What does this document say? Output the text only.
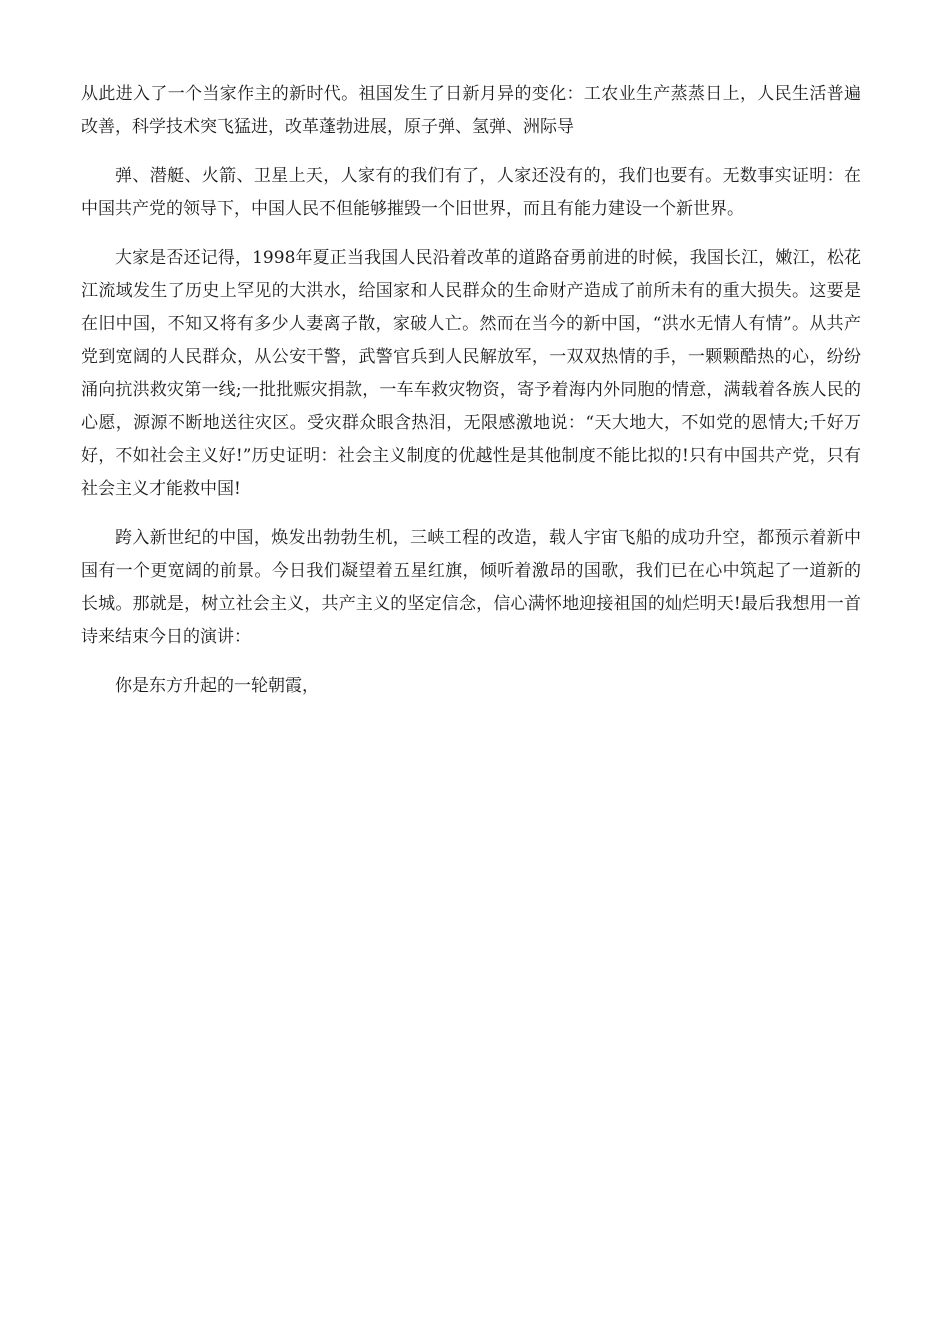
从此进入了一个当家作主的新时代。祖国发生了日新月异的变化：工农业生产蒸蒸日上，人民生活普遍改善，科学技术突飞猛进，改革蓬勃进展，原子弹、氢弹、洲际导

弹、潜艇、火箭、卫星上天，人家有的我们有了，人家还没有的，我们也要有。无数事实证明：在中国共产党的领导下，中国人民不但能够摧毁一个旧世界，而且有能力建设一个新世界。

大家是否还记得，1998年夏正当我国人民沿着改革的道路奋勇前进的时候，我国长江，嫩江，松花江流域发生了历史上罕见的大洪水，给国家和人民群众的生命财产造成了前所未有的重大损失。这要是在旧中国，不知又将有多少人妻离子散，家破人亡。然而在当今的新中国，“洪水无情人有情”。从共产党到宽阔的人民群众，从公安干警，武警官兵到人民解放军，一双双热情的手，一颗颗酷热的心，纷纷涌向抗洪救灾第一线;一批批赈灾捐款，一车车救灾物资，寄予着海内外同胞的情意，满载着各族人民的心愿，源源不断地送往灾区。受灾群众眼含热泪，无限感激地说：“天大地大，不如党的恩情大;千好万好，不如社会主义好!”历史证明：社会主义制度的优越性是其他制度不能比拟的!只有中国共产党，只有社会主义才能救中国!

跨入新世纪的中国，焕发出勃勃生机，三峡工程的改造，载人宇宙飞船的成功升空，都预示着新中国有一个更宽阔的前景。今日我们凝望着五星红旗，倾听着激昂的国歌，我们已在心中筑起了一道新的长城。那就是，树立社会主义，共产主义的坚定信念，信心满怀地迎接祖国的灿烂明天!最后我想用一首诗来结束今日的演讲：

你是东方升起的一轮朝霞，
